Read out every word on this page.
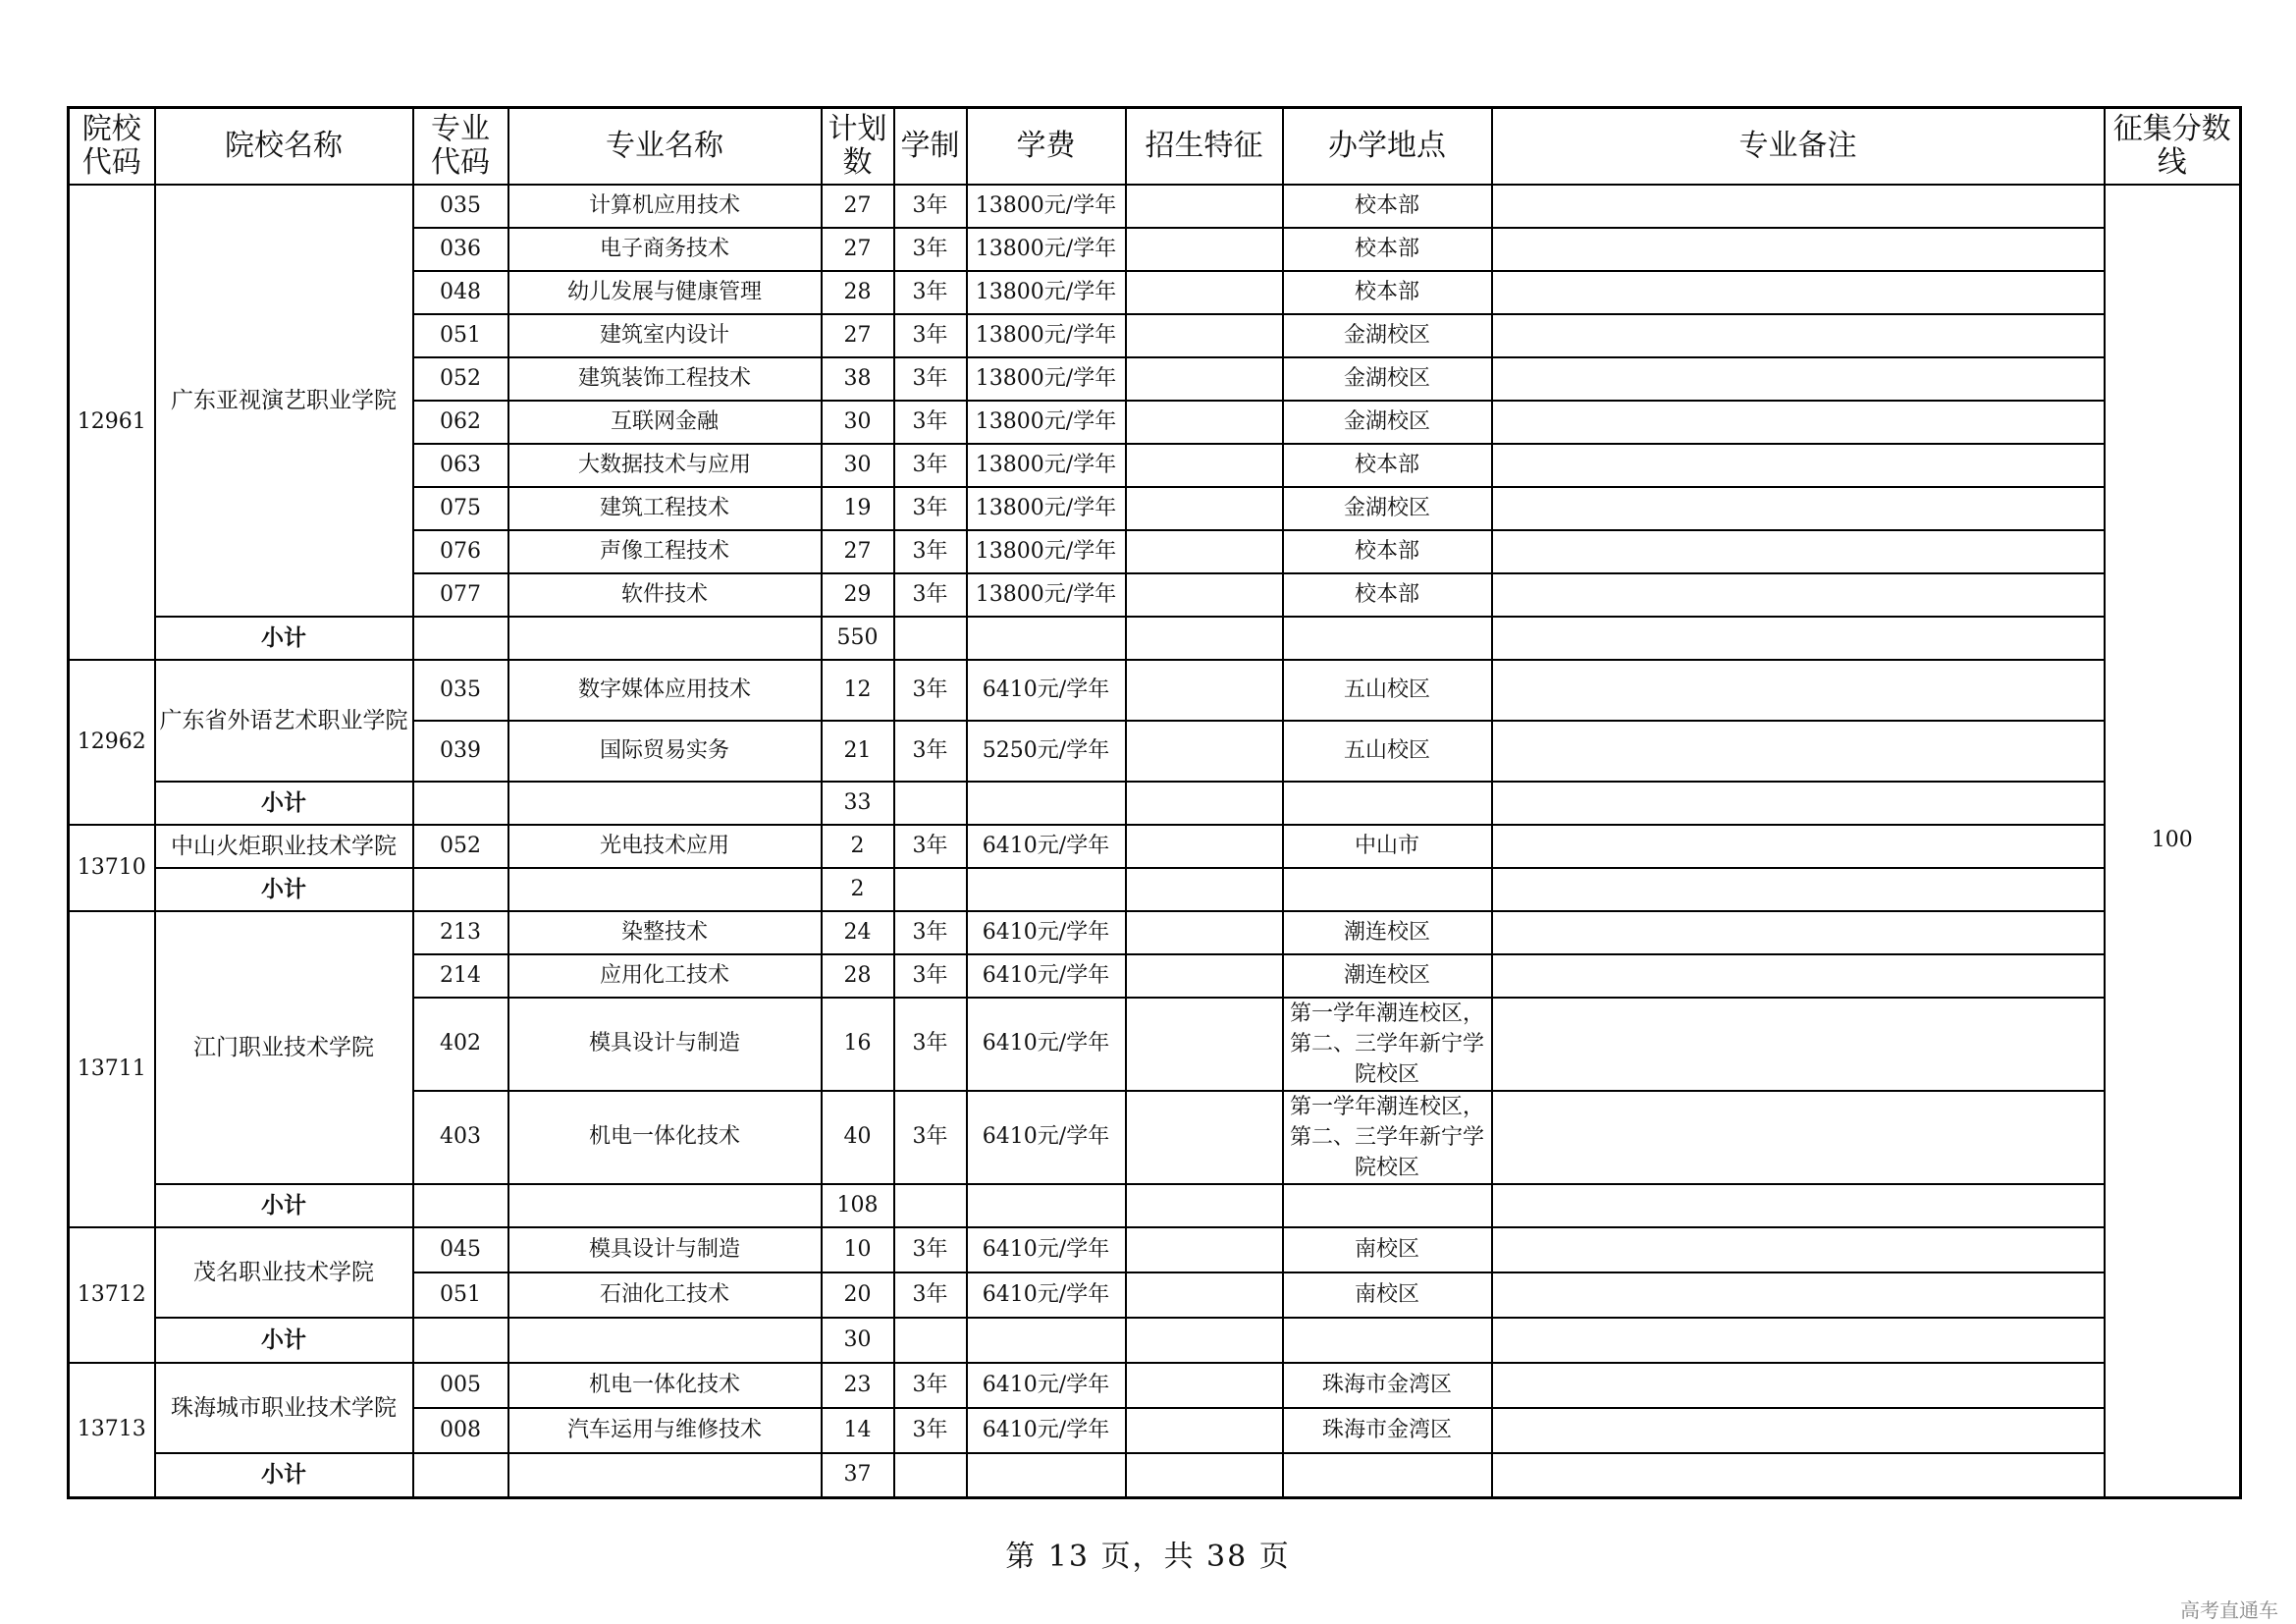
院校代码	院校名称	专业代码	专业名称	计划数	学制	学费	招生特征	办学地点	专业备注	征集分数线
12961	广东亚视演艺职业学院	035	计算机应用技术	27	3年	13800元/学年		校本部		100
		036	电子商务技术	27	3年	13800元/学年		校本部		
		048	幼儿发展与健康管理	28	3年	13800元/学年		校本部		
		051	建筑室内设计	27	3年	13800元/学年		金湖校区		
		052	建筑装饰工程技术	38	3年	13800元/学年		金湖校区		
		062	互联网金融	30	3年	13800元/学年		金湖校区		
		063	大数据技术与应用	30	3年	13800元/学年		校本部		
		075	建筑工程技术	19	3年	13800元/学年		金湖校区		
		076	声像工程技术	27	3年	13800元/学年		校本部		
		077	软件技术	29	3年	13800元/学年		校本部		
	小计			550						
12962	广东省外语艺术职业学院	035	数字媒体应用技术	12	3年	6410元/学年		五山校区		
		039	国际贸易实务	21	3年	5250元/学年		五山校区		
	小计			33						
13710	中山火炬职业技术学院	052	光电技术应用	2	3年	6410元/学年		中山市		
	小计			2						
13711	江门职业技术学院	213	染整技术	24	3年	6410元/学年		潮连校区		
		214	应用化工技术	28	3年	6410元/学年		潮连校区		
		402	模具设计与制造	16	3年	6410元/学年		第一学年潮连校区，第二、三学年新宁学院校区		
		403	机电一体化技术	40	3年	6410元/学年		第一学年潮连校区，第二、三学年新宁学院校区		
	小计			108						
13712	茂名职业技术学院	045	模具设计与制造	10	3年	6410元/学年		南校区		
		051	石油化工技术	20	3年	6410元/学年		南校区		
	小计			30						
13713	珠海城市职业技术学院	005	机电一体化技术	23	3年	6410元/学年		珠海市金湾区		
		008	汽车运用与维修技术	14	3年	6410元/学年		珠海市金湾区		
	小计			37						
第 13 页，共 38 页
高考直通车
